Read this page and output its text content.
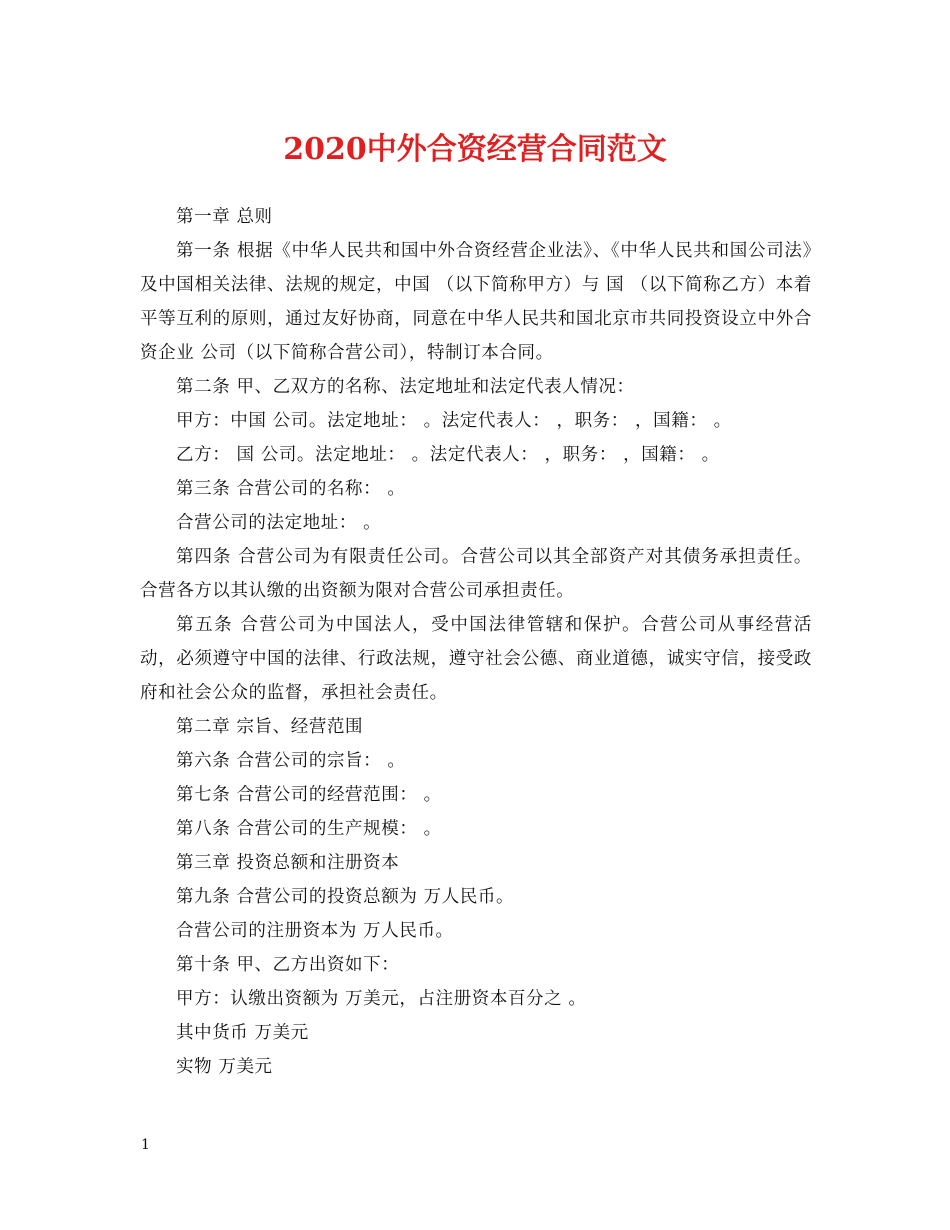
2020中外合资经营合同范文

第一章 总则

第一条 根据《中华人民共和国中外合资经营企业法》、《中华人民共和国公司法》及中国相关法律、法规的规定，中国 （以下简称甲方）与 国 （以下简称乙方）本着平等互利的原则，通过友好协商，同意在中华人民共和国北京市共同投资设立中外合资企业 公司（以下简称合营公司），特制订本合同。

第二条 甲、乙双方的名称、法定地址和法定代表人情况：

甲方：中国 公司。法定地址： 。法定代表人： ，职务： ，国籍： 。

乙方： 国 公司。法定地址： 。法定代表人： ，职务： ，国籍： 。

第三条 合营公司的名称： 。

合营公司的法定地址： 。

第四条 合营公司为有限责任公司。合营公司以其全部资产对其债务承担责任。合营各方以其认缴的出资额为限对合营公司承担责任。

第五条 合营公司为中国法人，受中国法律管辖和保护。合营公司从事经营活动，必须遵守中国的法律、行政法规，遵守社会公德、商业道德，诚实守信，接受政府和社会公众的监督，承担社会责任。

第二章 宗旨、经营范围

第六条 合营公司的宗旨： 。

第七条 合营公司的经营范围： 。

第八条 合营公司的生产规模： 。

第三章 投资总额和注册资本

第九条 合营公司的投资总额为 万人民币。

合营公司的注册资本为 万人民币。

第十条 甲、乙方出资如下：

甲方：认缴出资额为 万美元，占注册资本百分之 。

其中货币 万美元

实物 万美元

1
